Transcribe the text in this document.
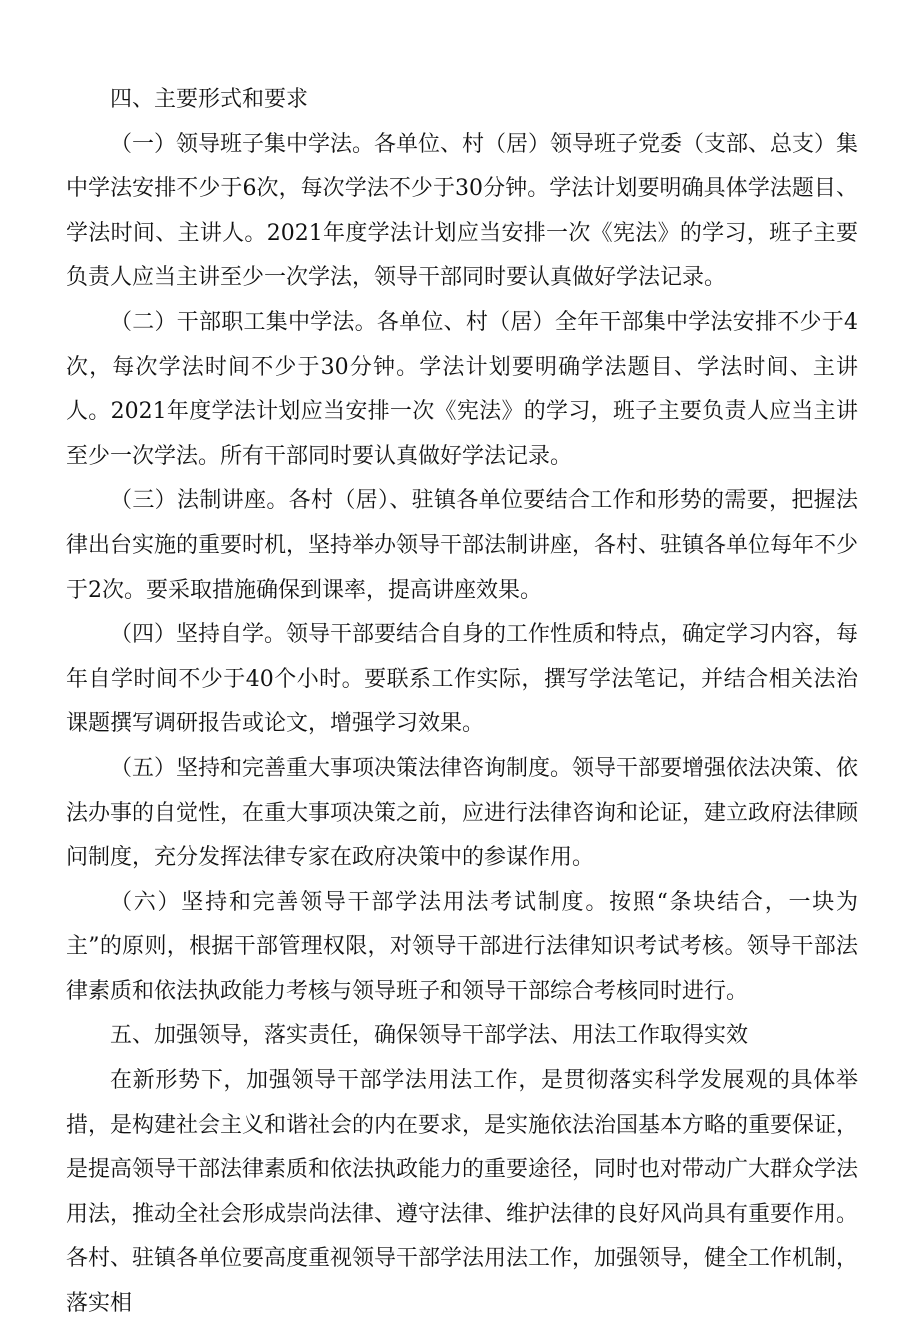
四、主要形式和要求

（一）领导班子集中学法。各单位、村（居）领导班子党委（支部、总支）集中学法安排不少于6次，每次学法不少于30分钟。学法计划要明确具体学法题目、学法时间、主讲人。2021年度学法计划应当安排一次《宪法》的学习，班子主要负责人应当主讲至少一次学法，领导干部同时要认真做好学法记录。

（二）干部职工集中学法。各单位、村（居）全年干部集中学法安排不少于4次，每次学法时间不少于30分钟。学法计划要明确学法题目、学法时间、主讲人。2021年度学法计划应当安排一次《宪法》的学习，班子主要负责人应当主讲至少一次学法。所有干部同时要认真做好学法记录。

（三）法制讲座。各村（居）、驻镇各单位要结合工作和形势的需要，把握法律出台实施的重要时机，坚持举办领导干部法制讲座，各村、驻镇各单位每年不少于2次。要采取措施确保到课率，提高讲座效果。

（四）坚持自学。领导干部要结合自身的工作性质和特点，确定学习内容，每年自学时间不少于40个小时。要联系工作实际，撰写学法笔记，并结合相关法治课题撰写调研报告或论文，增强学习效果。

（五）坚持和完善重大事项决策法律咨询制度。领导干部要增强依法决策、依法办事的自觉性，在重大事项决策之前，应进行法律咨询和论证，建立政府法律顾问制度，充分发挥法律专家在政府决策中的参谋作用。

（六）坚持和完善领导干部学法用法考试制度。按照“条块结合，一块为主”的原则，根据干部管理权限，对领导干部进行法律知识考试考核。领导干部法律素质和依法执政能力考核与领导班子和领导干部综合考核同时进行。

五、加强领导，落实责任，确保领导干部学法、用法工作取得实效

在新形势下，加强领导干部学法用法工作，是贯彻落实科学发展观的具体举措，是构建社会主义和谐社会的内在要求，是实施依法治国基本方略的重要保证，是提高领导干部法律素质和依法执政能力的重要途径，同时也对带动广大群众学法用法，推动全社会形成崇尚法律、遵守法律、维护法律的良好风尚具有重要作用。各村、驻镇各单位要高度重视领导干部学法用法工作，加强领导，健全工作机制，落实相
